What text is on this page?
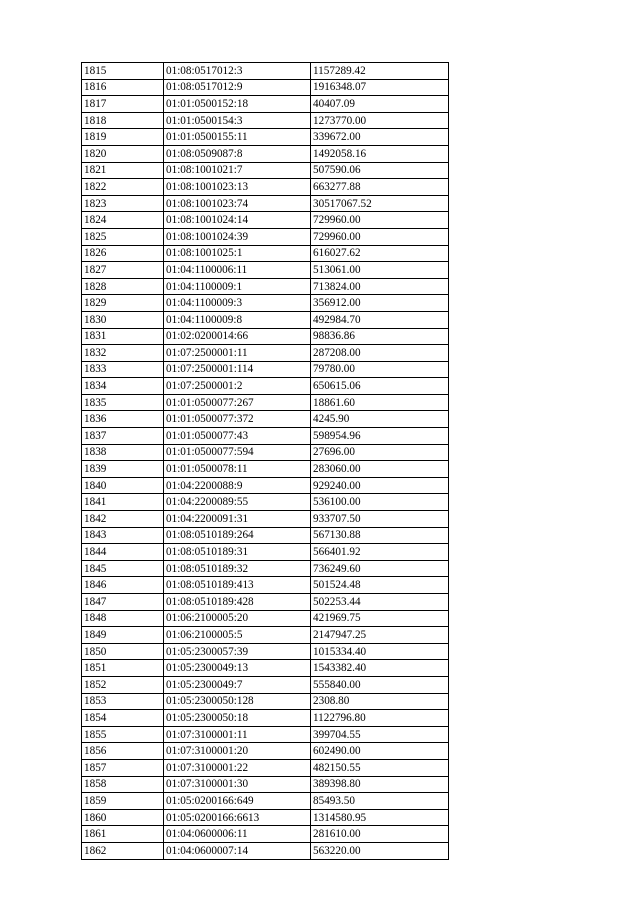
1815	01:08:0517012:3	1157289.42
1816	01:08:0517012:9	1916348.07
1817	01:01:0500152:18	40407.09
1818	01:01:0500154:3	1273770.00
1819	01:01:0500155:11	339672.00
1820	01:08:0509087:8	1492058.16
1821	01:08:1001021:7	507590.06
1822	01:08:1001023:13	663277.88
1823	01:08:1001023:74	30517067.52
1824	01:08:1001024:14	729960.00
1825	01:08:1001024:39	729960.00
1826	01:08:1001025:1	616027.62
1827	01:04:1100006:11	513061.00
1828	01:04:1100009:1	713824.00
1829	01:04:1100009:3	356912.00
1830	01:04:1100009:8	492984.70
1831	01:02:0200014:66	98836.86
1832	01:07:2500001:11	287208.00
1833	01:07:2500001:114	79780.00
1834	01:07:2500001:2	650615.06
1835	01:01:0500077:267	18861.60
1836	01:01:0500077:372	4245.90
1837	01:01:0500077:43	598954.96
1838	01:01:0500077:594	27696.00
1839	01:01:0500078:11	283060.00
1840	01:04:2200088:9	929240.00
1841	01:04:2200089:55	536100.00
1842	01:04:2200091:31	933707.50
1843	01:08:0510189:264	567130.88
1844	01:08:0510189:31	566401.92
1845	01:08:0510189:32	736249.60
1846	01:08:0510189:413	501524.48
1847	01:08:0510189:428	502253.44
1848	01:06:2100005:20	421969.75
1849	01:06:2100005:5	2147947.25
1850	01:05:2300057:39	1015334.40
1851	01:05:2300049:13	1543382.40
1852	01:05:2300049:7	555840.00
1853	01:05:2300050:128	2308.80
1854	01:05:2300050:18	1122796.80
1855	01:07:3100001:11	399704.55
1856	01:07:3100001:20	602490.00
1857	01:07:3100001:22	482150.55
1858	01:07:3100001:30	389398.80
1859	01:05:0200166:649	85493.50
1860	01:05:0200166:6613	1314580.95
1861	01:04:0600006:11	281610.00
1862	01:04:0600007:14	563220.00
